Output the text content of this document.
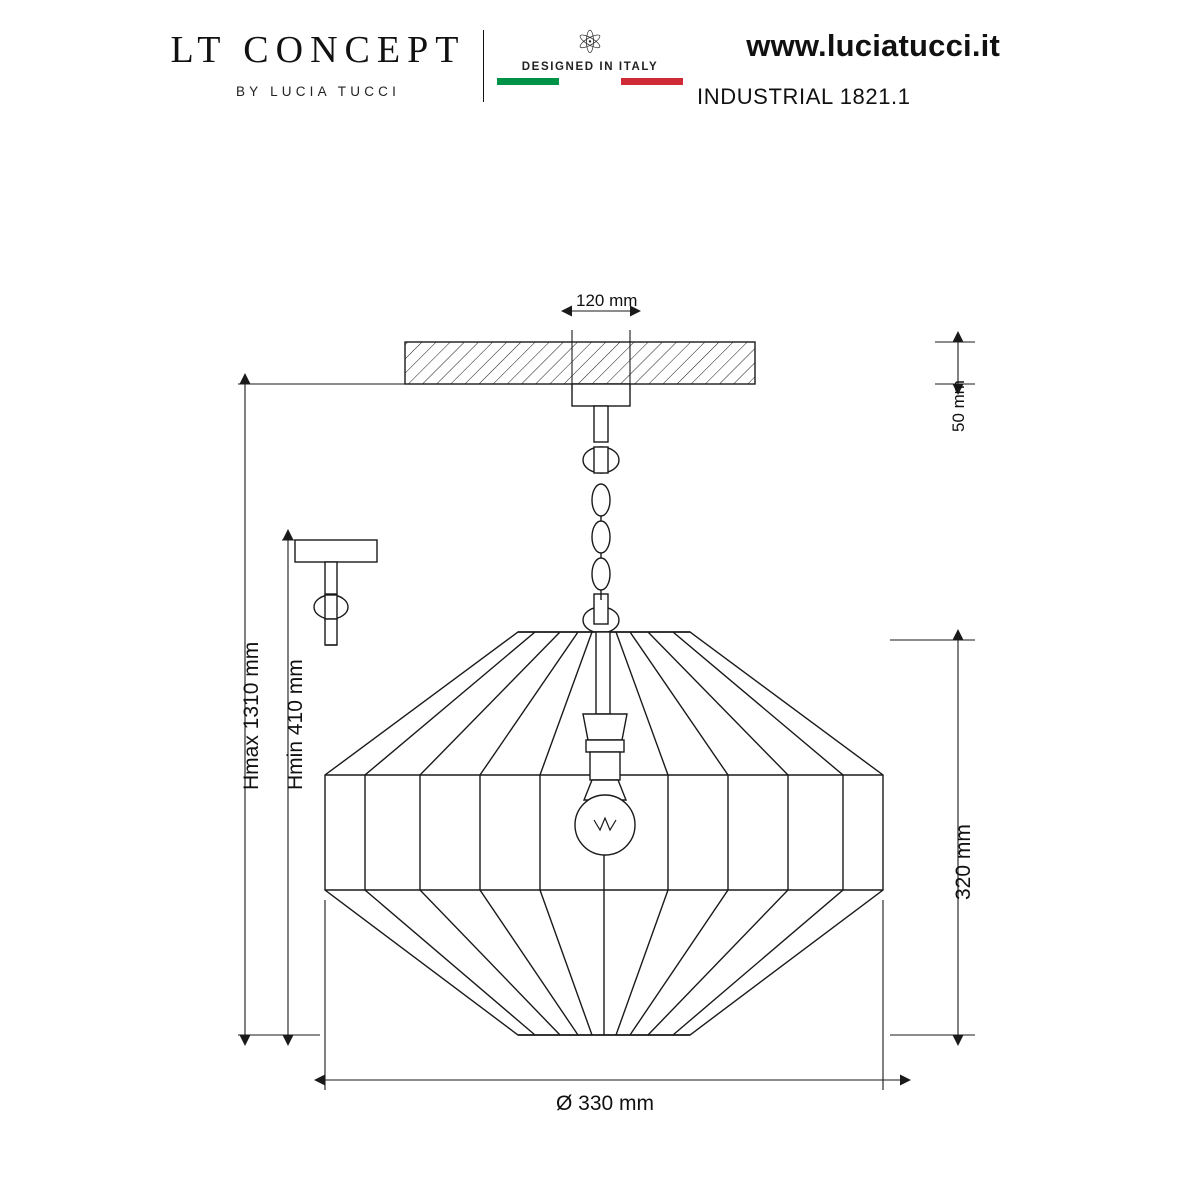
LT CONCEPT
BY LUCIA TUCCI
⚛
DESIGNED IN ITALY
www.luciatucci.it
INDUSTRIAL 1821.1
120 mm
50 mm
Hmax 1310 mm Hmin 410 mm
320 mm
Ø 330 mm
